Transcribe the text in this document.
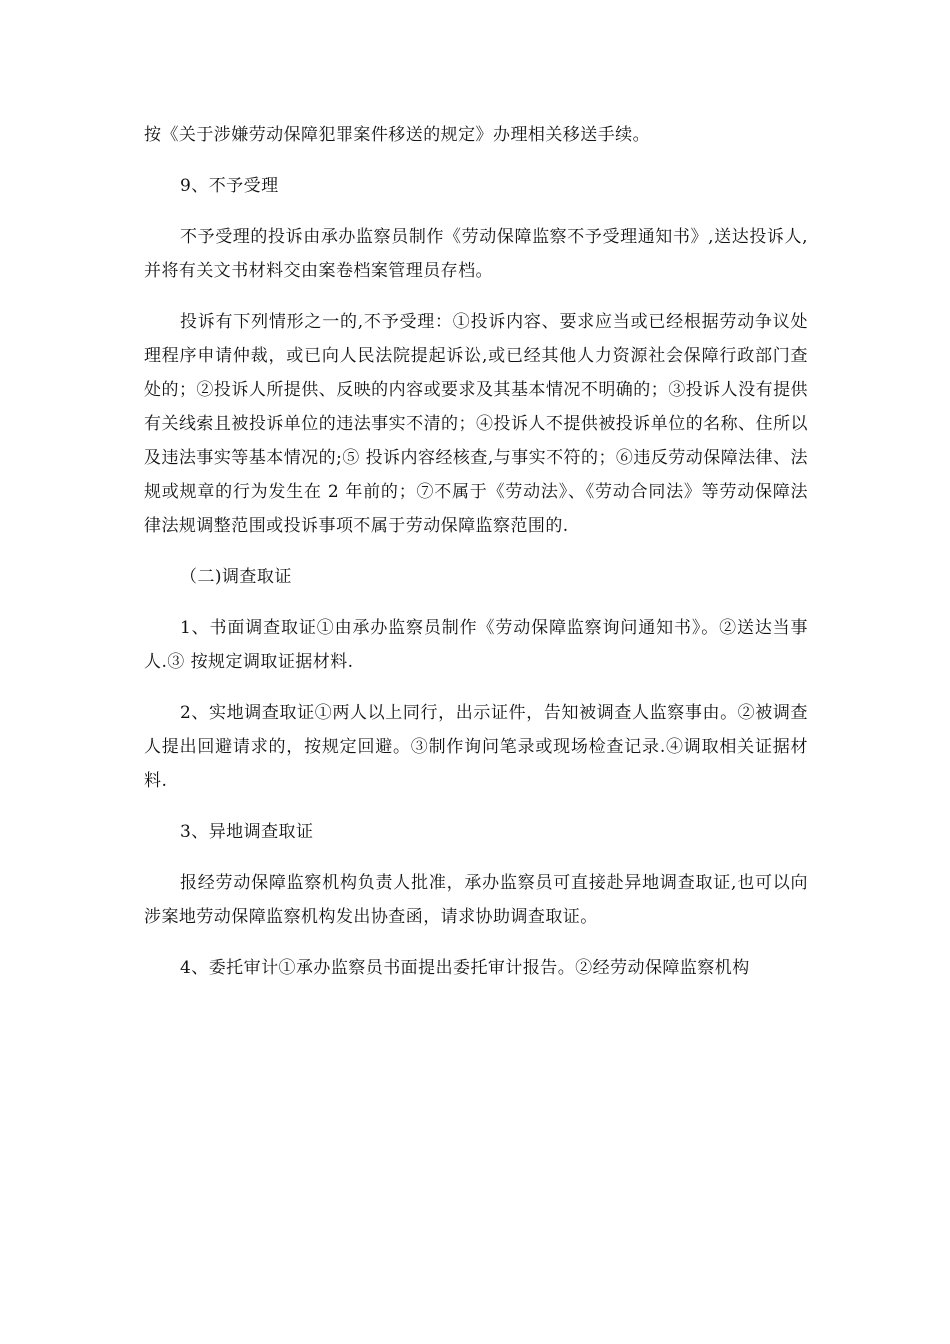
按《关于涉嫌劳动保障犯罪案件移送的规定》办理相关移送手续。

9、不予受理

不予受理的投诉由承办监察员制作《劳动保障监察不予受理通知书》,送达投诉人,并将有关文书材料交由案卷档案管理员存档。

投诉有下列情形之一的,不予受理：①投诉内容、要求应当或已经根据劳动争议处理程序申请仲裁，或已向人民法院提起诉讼,或已经其他人力资源社会保障行政部门查处的；②投诉人所提供、反映的内容或要求及其基本情况不明确的；③投诉人没有提供有关线索且被投诉单位的违法事实不清的；④投诉人不提供被投诉单位的名称、住所以及违法事实等基本情况的;⑤ 投诉内容经核查,与事实不符的；⑥违反劳动保障法律、法规或规章的行为发生在 2 年前的；⑦不属于《劳动法》、《劳动合同法》等劳动保障法律法规调整范围或投诉事项不属于劳动保障监察范围的.

（二)调查取证

1、书面调查取证①由承办监察员制作《劳动保障监察询问通知书》。②送达当事人.③ 按规定调取证据材料.

2、实地调查取证①两人以上同行，出示证件，告知被调查人监察事由。②被调查人提出回避请求的，按规定回避。③制作询问笔录或现场检查记录.④调取相关证据材料.

3、异地调查取证

报经劳动保障监察机构负责人批准，承办监察员可直接赴异地调查取证,也可以向涉案地劳动保障监察机构发出协查函，请求协助调查取证。

4、委托审计①承办监察员书面提出委托审计报告。②经劳动保障监察机构
